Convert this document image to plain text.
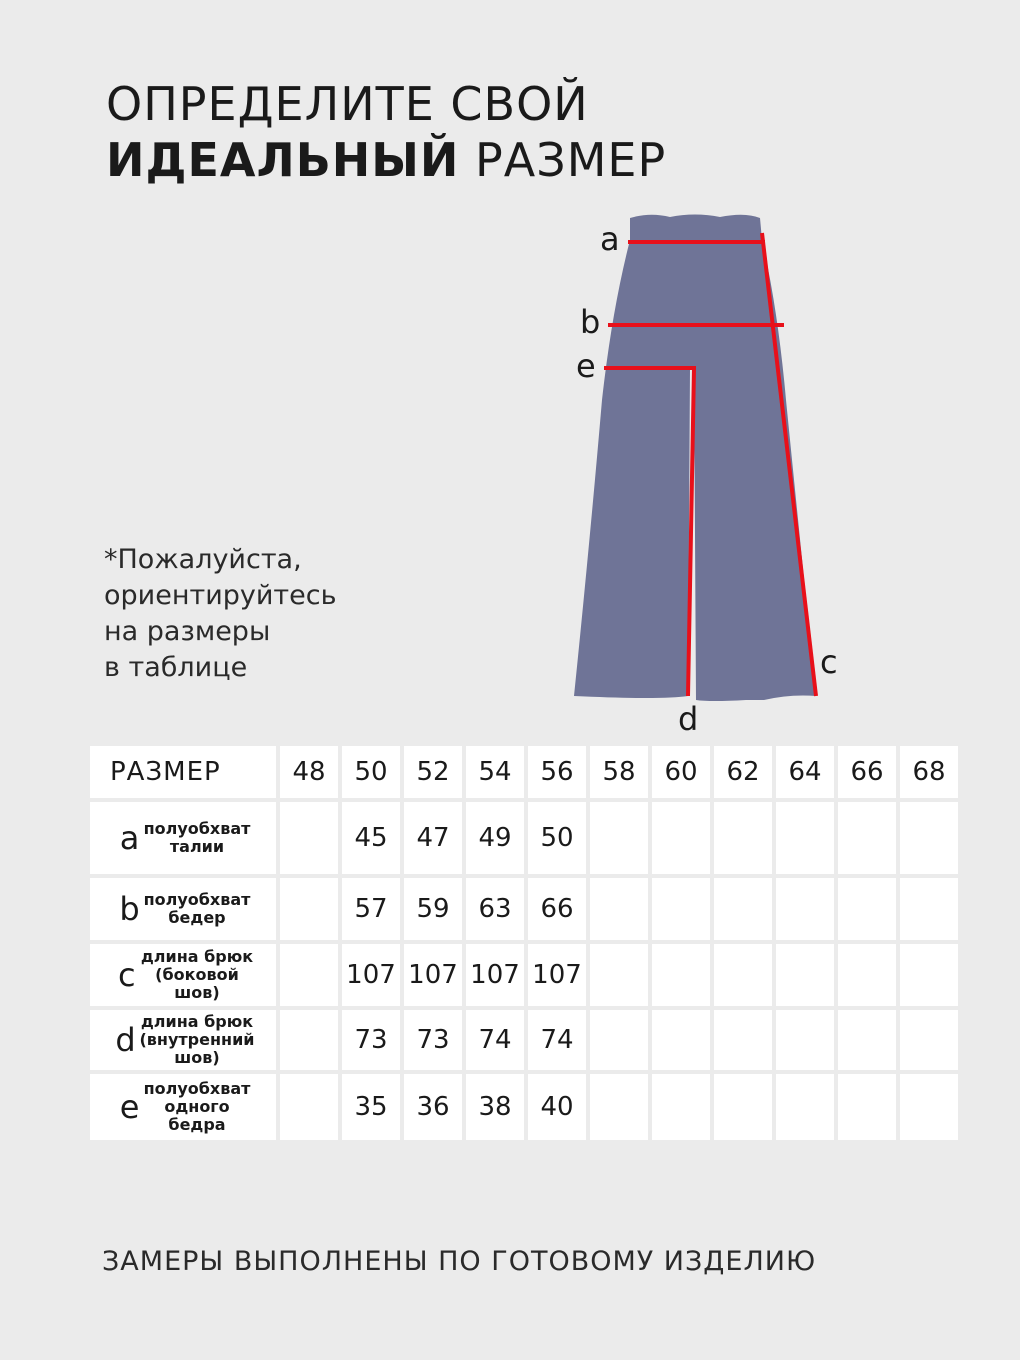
ОПРЕДЕЛИТЕ СВОЙ
ИДЕАЛЬНЫЙ РАЗМЕР
*Пожалуйста,
ориентируйтесь
на размеры
в таблице
a
b
e
c
d
РАЗМЕР	48	50	52	54	56	58	60	62	64	66	68
a полуобхват
талии		45	47	49	50						
b полуобхват
бедер		57	59	63	66						
c длина брюк
(боковой
шов)		107	107	107	107						
d длина брюк
(внутренний
шов)		73	73	74	74						
e полуобхват
одного
бедра		35	36	38	40						
ЗАМЕРЫ ВЫПОЛНЕНЫ ПО ГОТОВОМУ ИЗДЕЛИЮ
